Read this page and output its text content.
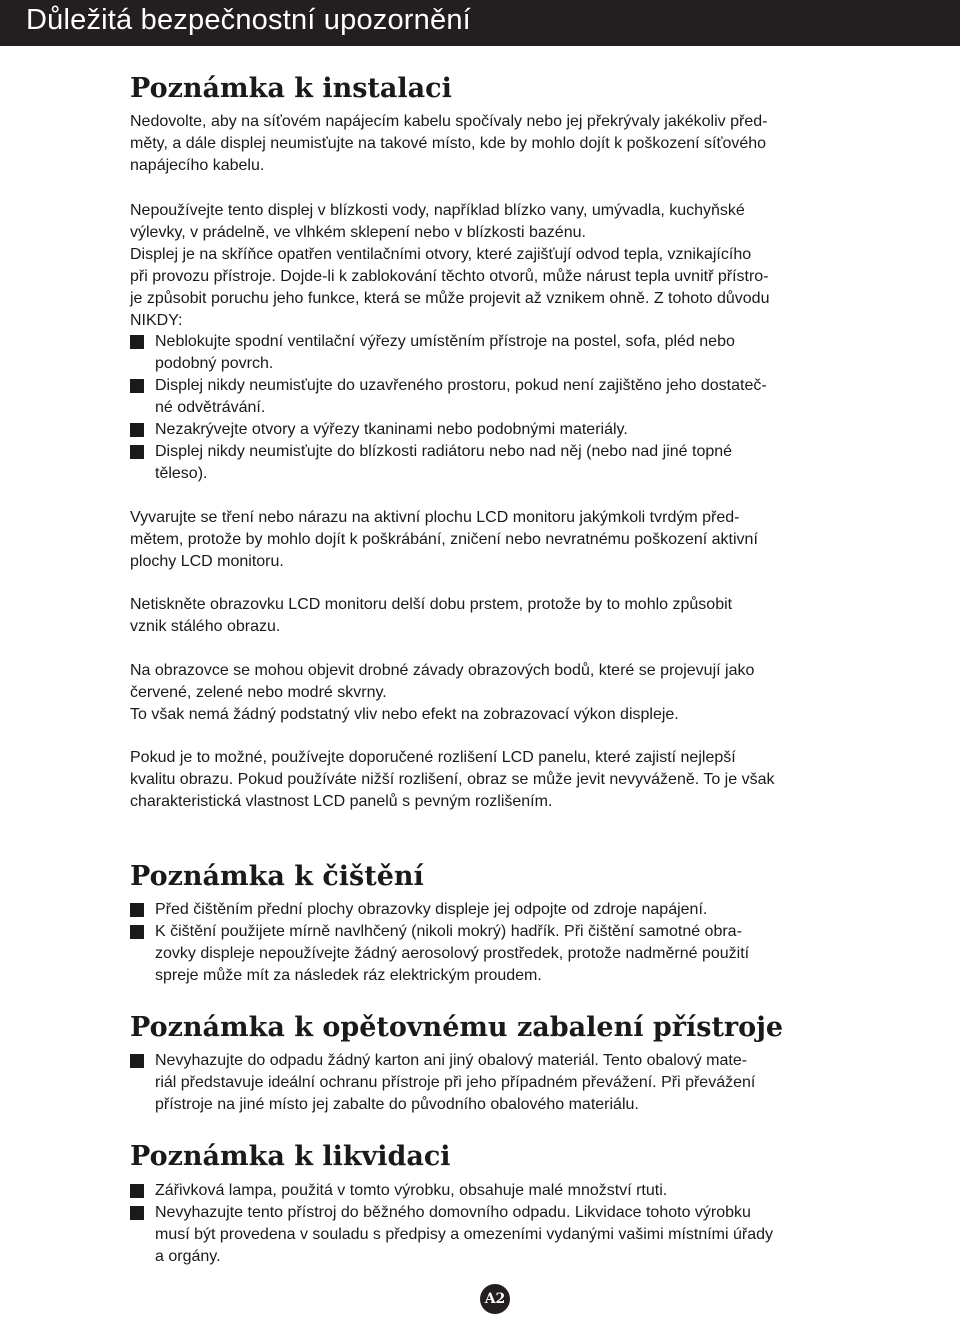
Důležitá bezpečnostní upozornění
Poznámka k instalaci
Nedovolte, aby na síťovém napájecím kabelu spočívaly nebo jej překrývaly jakékoliv před-
měty, a dále displej neumisťujte na takové místo, kde by mohlo dojít k poškození síťového
napájecího kabelu.
Nepoužívejte tento displej v blízkosti vody, například blízko vany, umývadla, kuchyňské
výlevky, v prádelně, ve vlhkém sklepení nebo v blízkosti bazénu.
Displej je na skříňce opatřen ventilačními otvory, které zajišťují odvod tepla, vznikajícího
při provozu přístroje. Dojde-li k zablokování těchto otvorů, může nárust tepla uvnitř přístro-
je způsobit poruchu jeho funkce, která se může projevit až vznikem ohně. Z tohoto důvodu
NIKDY:
Neblokujte spodní ventilační výřezy umístěním přístroje na postel, sofa, pléd nebo
podobný povrch.
Displej nikdy neumisťujte do uzavřeného prostoru, pokud není zajištěno jeho dostateč-
né odvětrávání.
Nezakrývejte otvory a výřezy tkaninami nebo podobnými materiály.
Displej nikdy neumisťujte do blízkosti radiátoru nebo nad něj (nebo nad jiné topné
těleso).
Vyvarujte se tření nebo nárazu na aktivní plochu LCD monitoru jakýmkoli tvrdým před-
mětem, protože by mohlo dojít k poškrábání, zničení nebo nevratnému poškození aktivní
plochy LCD monitoru.
Netiskněte obrazovku LCD monitoru delší dobu prstem, protože by to mohlo způsobit
vznik stálého obrazu.
Na obrazovce se mohou objevit drobné závady obrazových bodů, které se projevují jako
červené, zelené nebo modré skvrny.
To však nemá žádný podstatný vliv nebo efekt na zobrazovací výkon displeje.
Pokud je to možné, používejte doporučené rozlišení LCD panelu, které zajistí nejlepší
kvalitu obrazu. Pokud používáte nižší rozlišení, obraz se může jevit nevyváženě. To je však
charakteristická vlastnost LCD panelů s pevným rozlišením.
Poznámka k čištění
Před čištěním přední plochy obrazovky displeje jej odpojte od zdroje napájení.
K čištění použijete mírně navlhčený (nikoli mokrý) hadřík. Při čištění samotné obra-
zovky displeje nepoužívejte žádný aerosolový prostředek, protože nadměrné použití
spreje může mít za následek ráz elektrickým proudem.
Poznámka k opětovnému zabalení přístroje
Nevyhazujte do odpadu žádný karton ani jiný obalový materiál. Tento obalový mate-
riál představuje ideální ochranu přístroje při jeho případném převážení. Při převážení
přístroje na jiné místo jej zabalte do původního obalového materiálu.
Poznámka k likvidaci
Zářivková lampa, použitá v tomto výrobku, obsahuje malé množství rtuti.
Nevyhazujte tento přístroj do běžného domovního odpadu. Likvidace tohoto výrobku
musí být provedena v souladu s předpisy a omezeními vydanými vašimi místními úřady
a orgány.
A2
